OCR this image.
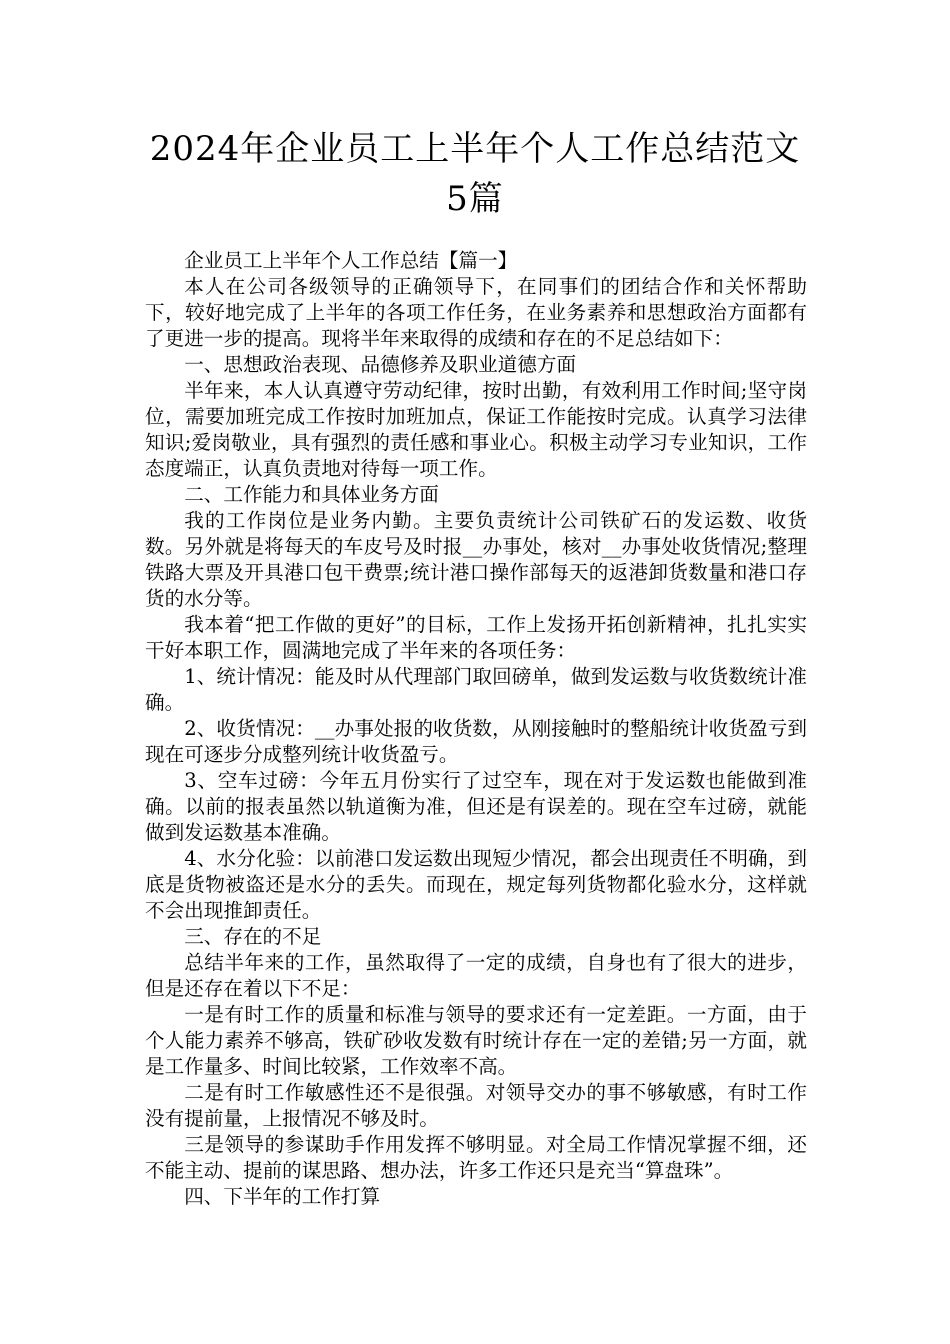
2024年企业员工上半年个人工作总结范文
5篇

企业员工上半年个人工作总结【篇一】

本人在公司各级领导的正确领导下，在同事们的团结合作和关怀帮助下，较好地完成了上半年的各项工作任务，在业务素养和思想政治方面都有了更进一步的提高。现将半年来取得的成绩和存在的不足总结如下：

一、思想政治表现、品德修养及职业道德方面

半年来，本人认真遵守劳动纪律，按时出勤，有效利用工作时间;坚守岗位，需要加班完成工作按时加班加点，保证工作能按时完成。认真学习法律知识;爱岗敬业，具有强烈的责任感和事业心。积极主动学习专业知识，工作态度端正，认真负责地对待每一项工作。

二、工作能力和具体业务方面

我的工作岗位是业务内勤。主要负责统计公司铁矿石的发运数、收货数。另外就是将每天的车皮号及时报__办事处，核对__办事处收货情况;整理铁路大票及开具港口包干费票;统计港口操作部每天的返港卸货数量和港口存货的水分等。

我本着“把工作做的更好”的目标，工作上发扬开拓创新精神，扎扎实实干好本职工作，圆满地完成了半年来的各项任务：

1、统计情况：能及时从代理部门取回磅单，做到发运数与收货数统计准确。

2、收货情况：__办事处报的收货数，从刚接触时的整船统计收货盈亏到现在可逐步分成整列统计收货盈亏。

3、空车过磅：今年五月份实行了过空车，现在对于发运数也能做到准确。以前的报表虽然以轨道衡为准，但还是有误差的。现在空车过磅，就能做到发运数基本准确。

4、水分化验：以前港口发运数出现短少情况，都会出现责任不明确，到底是货物被盗还是水分的丢失。而现在，规定每列货物都化验水分，这样就不会出现推卸责任。

三、存在的不足

总结半年来的工作，虽然取得了一定的成绩，自身也有了很大的进步，但是还存在着以下不足：

一是有时工作的质量和标准与领导的要求还有一定差距。一方面，由于个人能力素养不够高，铁矿砂收发数有时统计存在一定的差错;另一方面，就是工作量多、时间比较紧，工作效率不高。

二是有时工作敏感性还不是很强。对领导交办的事不够敏感，有时工作没有提前量，上报情况不够及时。

三是领导的参谋助手作用发挥不够明显。对全局工作情况掌握不细，还不能主动、提前的谋思路、想办法，许多工作还只是充当“算盘珠”。

四、下半年的工作打算
